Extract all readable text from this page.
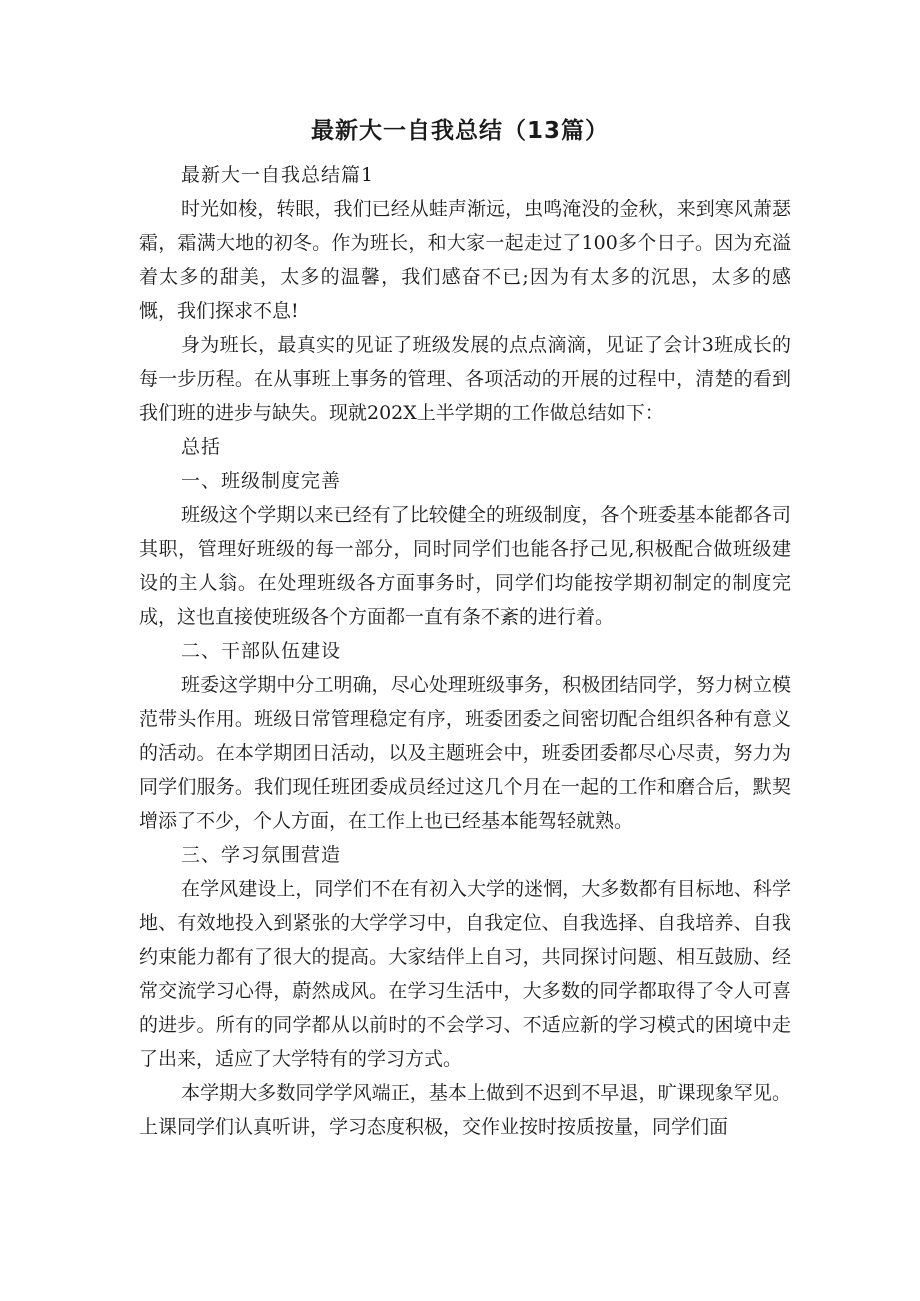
最新大一自我总结（13篇）

最新大一自我总结篇1

时光如梭，转眼，我们已经从蛙声渐远，虫鸣淹没的金秋，来到寒风萧瑟霜，霜满大地的初冬。作为班长，和大家一起走过了100多个日子。因为充溢着太多的甜美，太多的温馨，我们感奋不已;因为有太多的沉思，太多的感慨，我们探求不息!

身为班长，最真实的见证了班级发展的点点滴滴，见证了会计3班成长的每一步历程。在从事班上事务的管理、各项活动的开展的过程中，清楚的看到我们班的进步与缺失。现就202X上半学期的工作做总结如下：

总括

一、班级制度完善

班级这个学期以来已经有了比较健全的班级制度，各个班委基本能都各司其职，管理好班级的每一部分，同时同学们也能各抒己见,积极配合做班级建设的主人翁。在处理班级各方面事务时，同学们均能按学期初制定的制度完成，这也直接使班级各个方面都一直有条不紊的进行着。

二、干部队伍建设

班委这学期中分工明确，尽心处理班级事务，积极团结同学，努力树立模范带头作用。班级日常管理稳定有序，班委团委之间密切配合组织各种有意义的活动。在本学期团日活动，以及主题班会中，班委团委都尽心尽责，努力为同学们服务。我们现任班团委成员经过这几个月在一起的工作和磨合后，默契增添了不少，个人方面，在工作上也已经基本能驾轻就熟。

三、学习氛围营造

在学风建设上，同学们不在有初入大学的迷惘，大多数都有目标地、科学地、有效地投入到紧张的大学学习中，自我定位、自我选择、自我培养、自我约束能力都有了很大的提高。大家结伴上自习，共同探讨问题、相互鼓励、经常交流学习心得，蔚然成风。在学习生活中，大多数的同学都取得了令人可喜的进步。所有的同学都从以前时的不会学习、不适应新的学习模式的困境中走了出来，适应了大学特有的学习方式。

本学期大多数同学学风端正，基本上做到不迟到不早退，旷课现象罕见。上课同学们认真听讲，学习态度积极，交作业按时按质按量，同学们面
